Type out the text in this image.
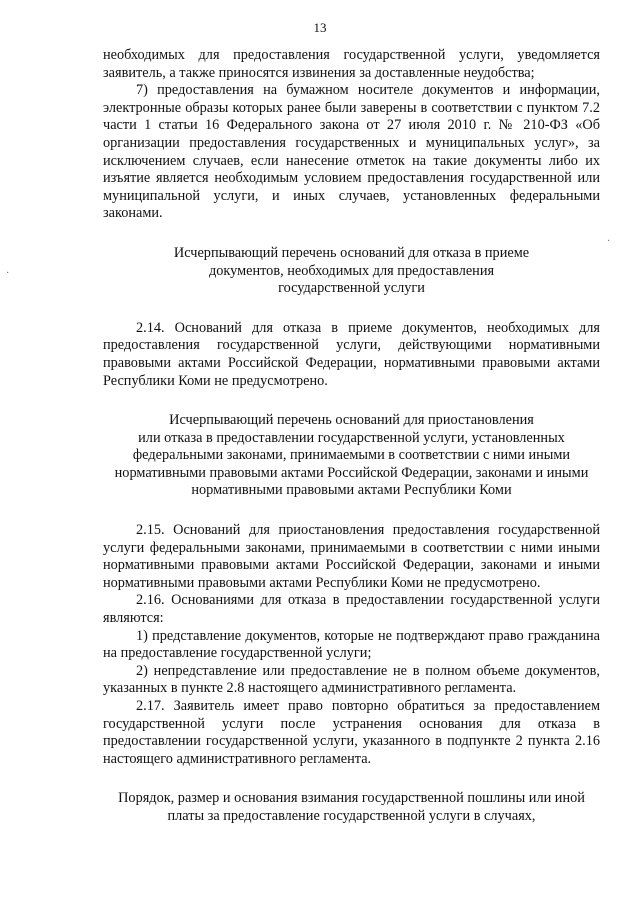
13

необходимых для предоставления государственной услуги, уведомляется заявитель, а также приносятся извинения за доставленные неудобства;

7) предоставления на бумажном носителе документов и информации, электронные образы которых ранее были заверены в соответствии с пунктом 7.2 части 1 статьи 16 Федерального закона от 27 июля 2010 г. № 210-ФЗ «Об организации предоставления государственных и муниципальных услуг», за исключением случаев, если нанесение отметок на такие документы либо их изъятие является необходимым условием предоставления государственной или муниципальной услуги, и иных случаев, установленных федеральными законами.

Исчерпывающий перечень оснований для отказа в приеме
документов, необходимых для предоставления
государственной услуги

2.14. Оснований для отказа в приеме документов, необходимых для предоставления государственной услуги, действующими нормативными правовыми актами Российской Федерации, нормативными правовыми актами Республики Коми не предусмотрено.

Исчерпывающий перечень оснований для приостановления
или отказа в предоставлении государственной услуги, установленных
федеральными законами, принимаемыми в соответствии с ними иными
нормативными правовыми актами Российской Федерации, законами и иными
нормативными правовыми актами Республики Коми

2.15. Оснований для приостановления предоставления государственной услуги федеральными законами, принимаемыми в соответствии с ними иными нормативными правовыми актами Российской Федерации, законами и иными нормативными правовыми актами Республики Коми не предусмотрено.

2.16. Основаниями для отказа в предоставлении государственной услуги являются:

1) представление документов, которые не подтверждают право гражданина на предоставление государственной услуги;

2) непредставление или предоставление не в полном объеме документов, указанных в пункте 2.8 настоящего административного регламента.

2.17. Заявитель имеет право повторно обратиться за предоставлением государственной услуги после устранения основания для отказа в предоставлении государственной услуги, указанного в подпункте 2 пункта 2.16 настоящего административного регламента.

Порядок, размер и основания взимания государственной пошлины или иной
платы за предоставление государственной услуги в случаях,
·
·
